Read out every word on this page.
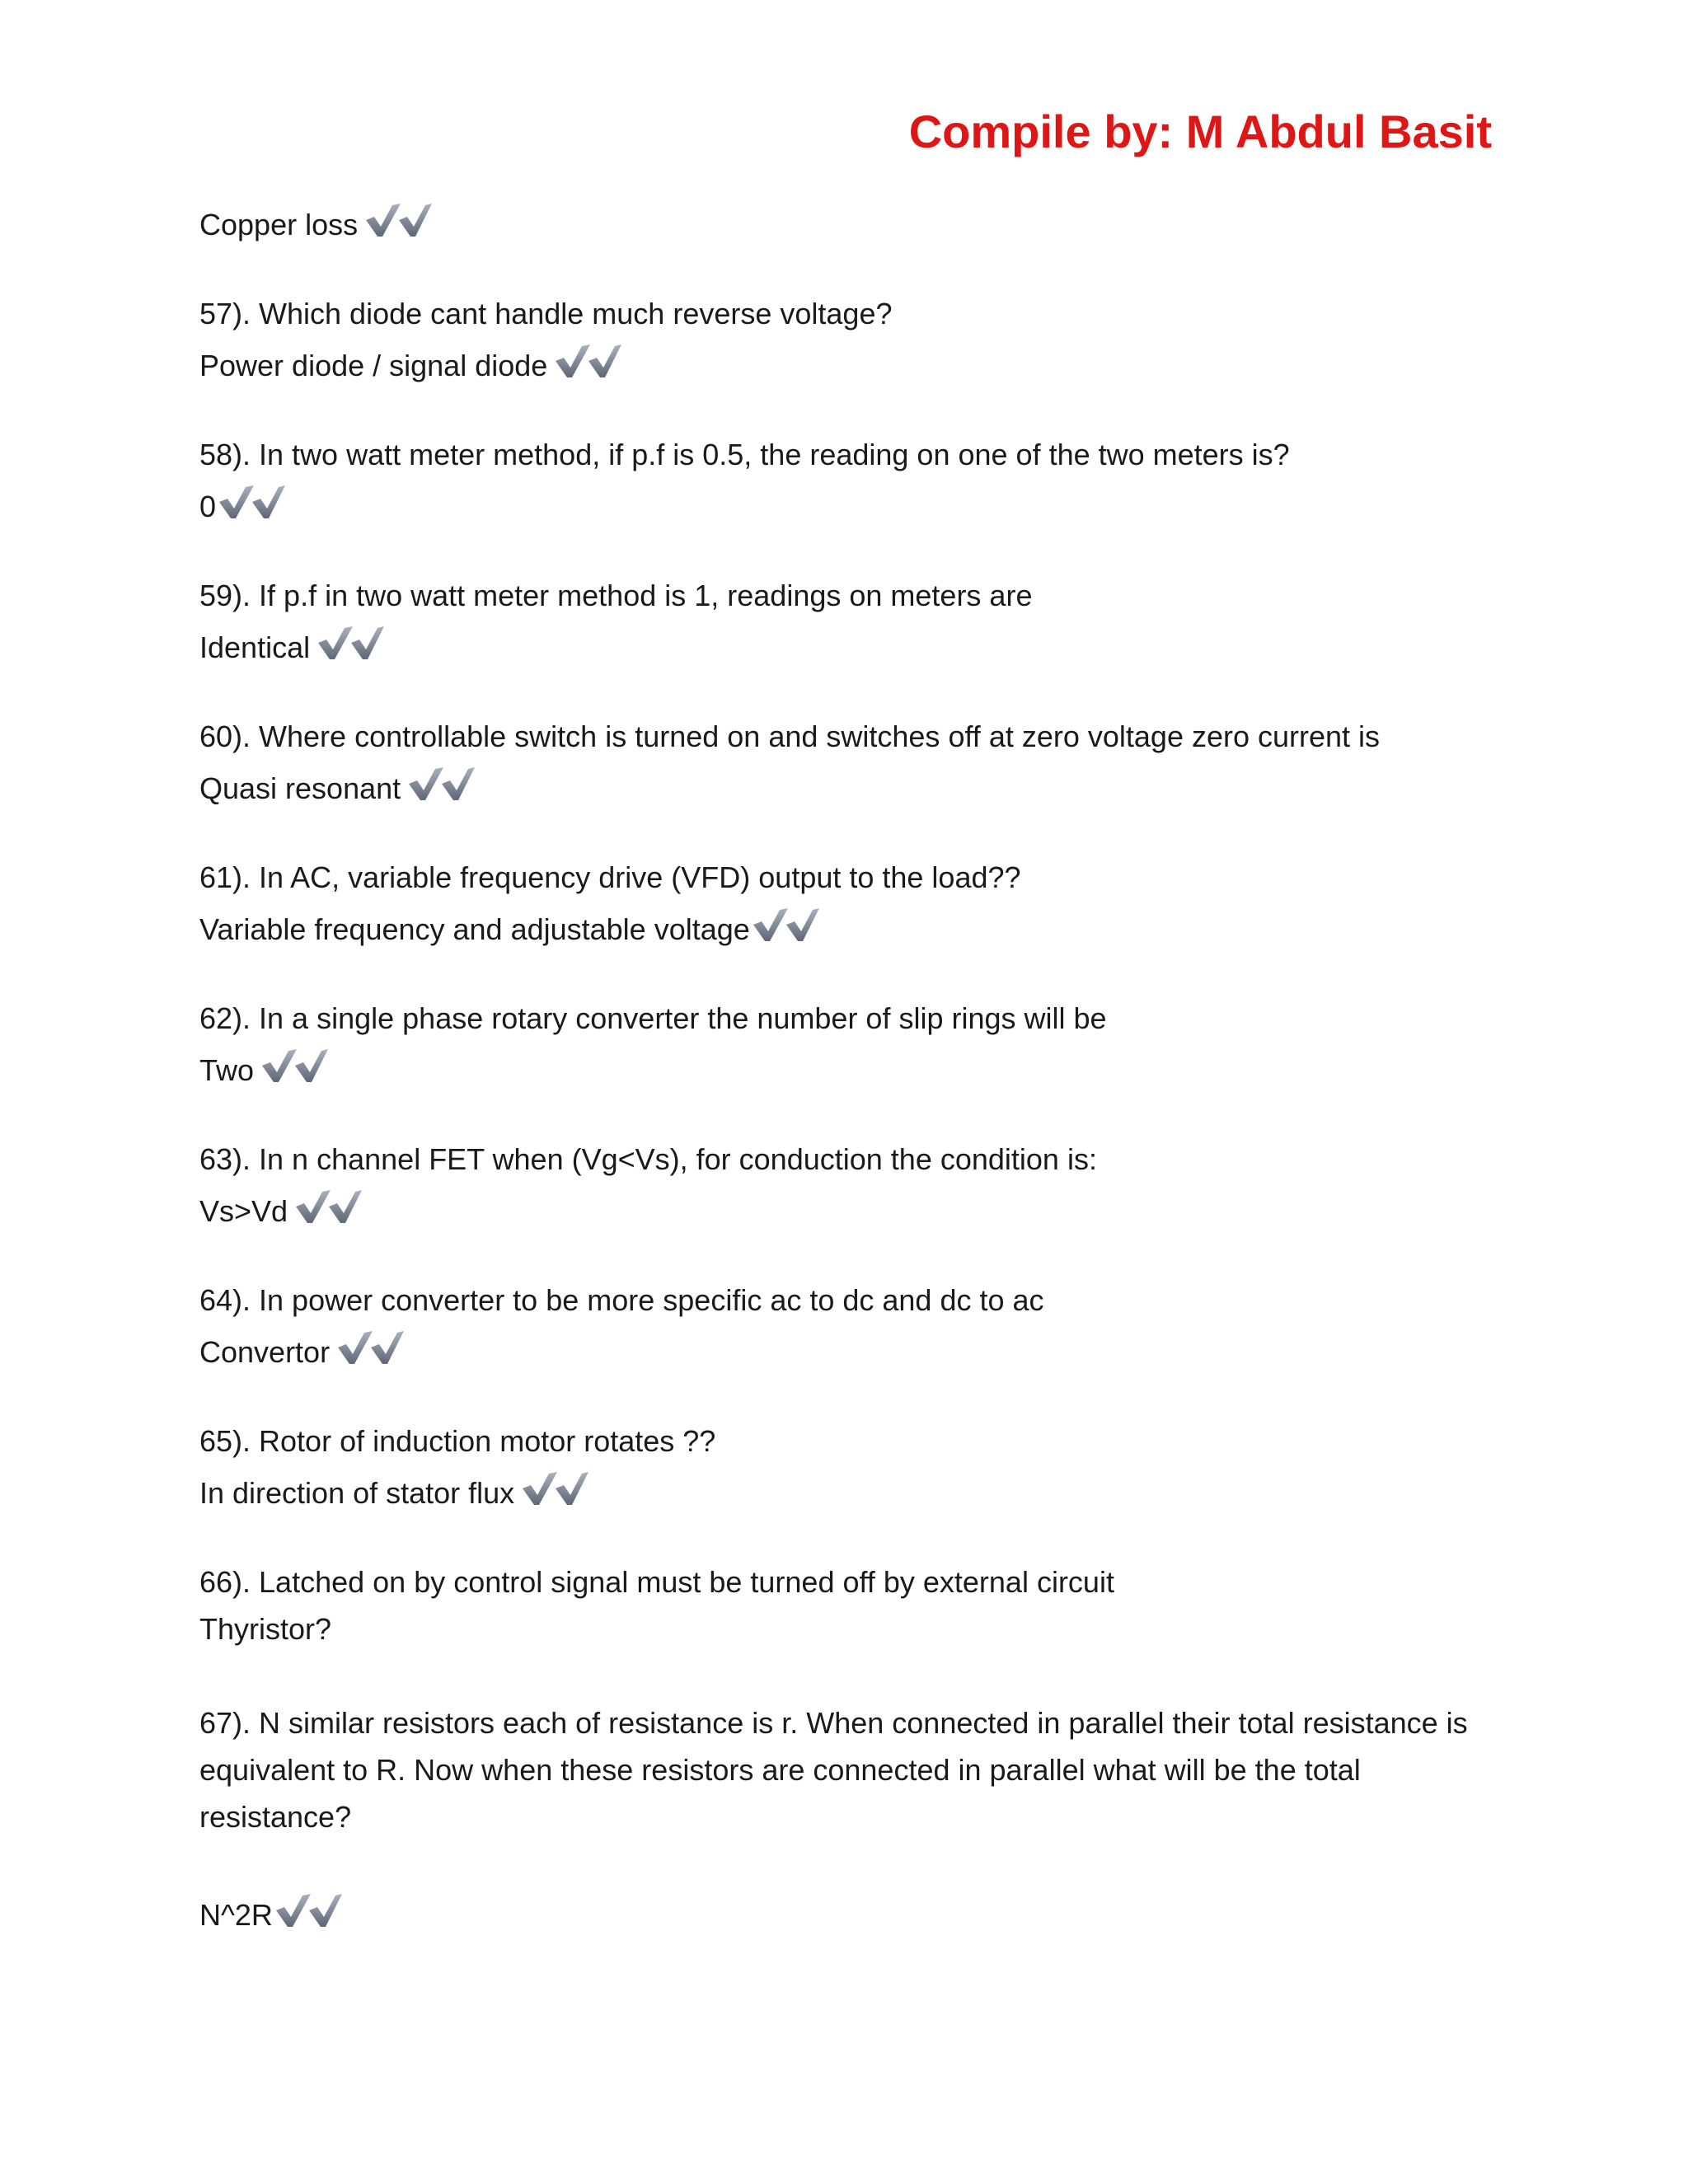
Compile by: M Abdul Basit
Copper loss
57). Which diode cant handle much reverse voltage?
Power diode / signal diode
58). In two watt meter method, if p.f is 0.5, the reading on one of the two meters is?
0
59). If p.f in two watt meter method is 1, readings on meters are
Identical
60). Where controllable switch is turned on and switches off at zero voltage zero current is
Quasi resonant
61). In AC, variable frequency drive (VFD) output to the load??
Variable frequency and adjustable voltage
62). In a single phase rotary converter the number of slip rings will be
Two
63). In n channel FET when (Vg<Vs), for conduction the condition is:
Vs>Vd
64). In power converter to be more specific ac to dc and dc to ac
Convertor
65). Rotor of induction motor rotates ??
In direction of stator flux
66). Latched on by control signal must be turned off by external circuit
Thyristor?
67). N similar resistors each of resistance is r. When connected in parallel their total resistance is equivalent to R. Now when these resistors are connected in parallel what will be the total resistance?
N^2R
